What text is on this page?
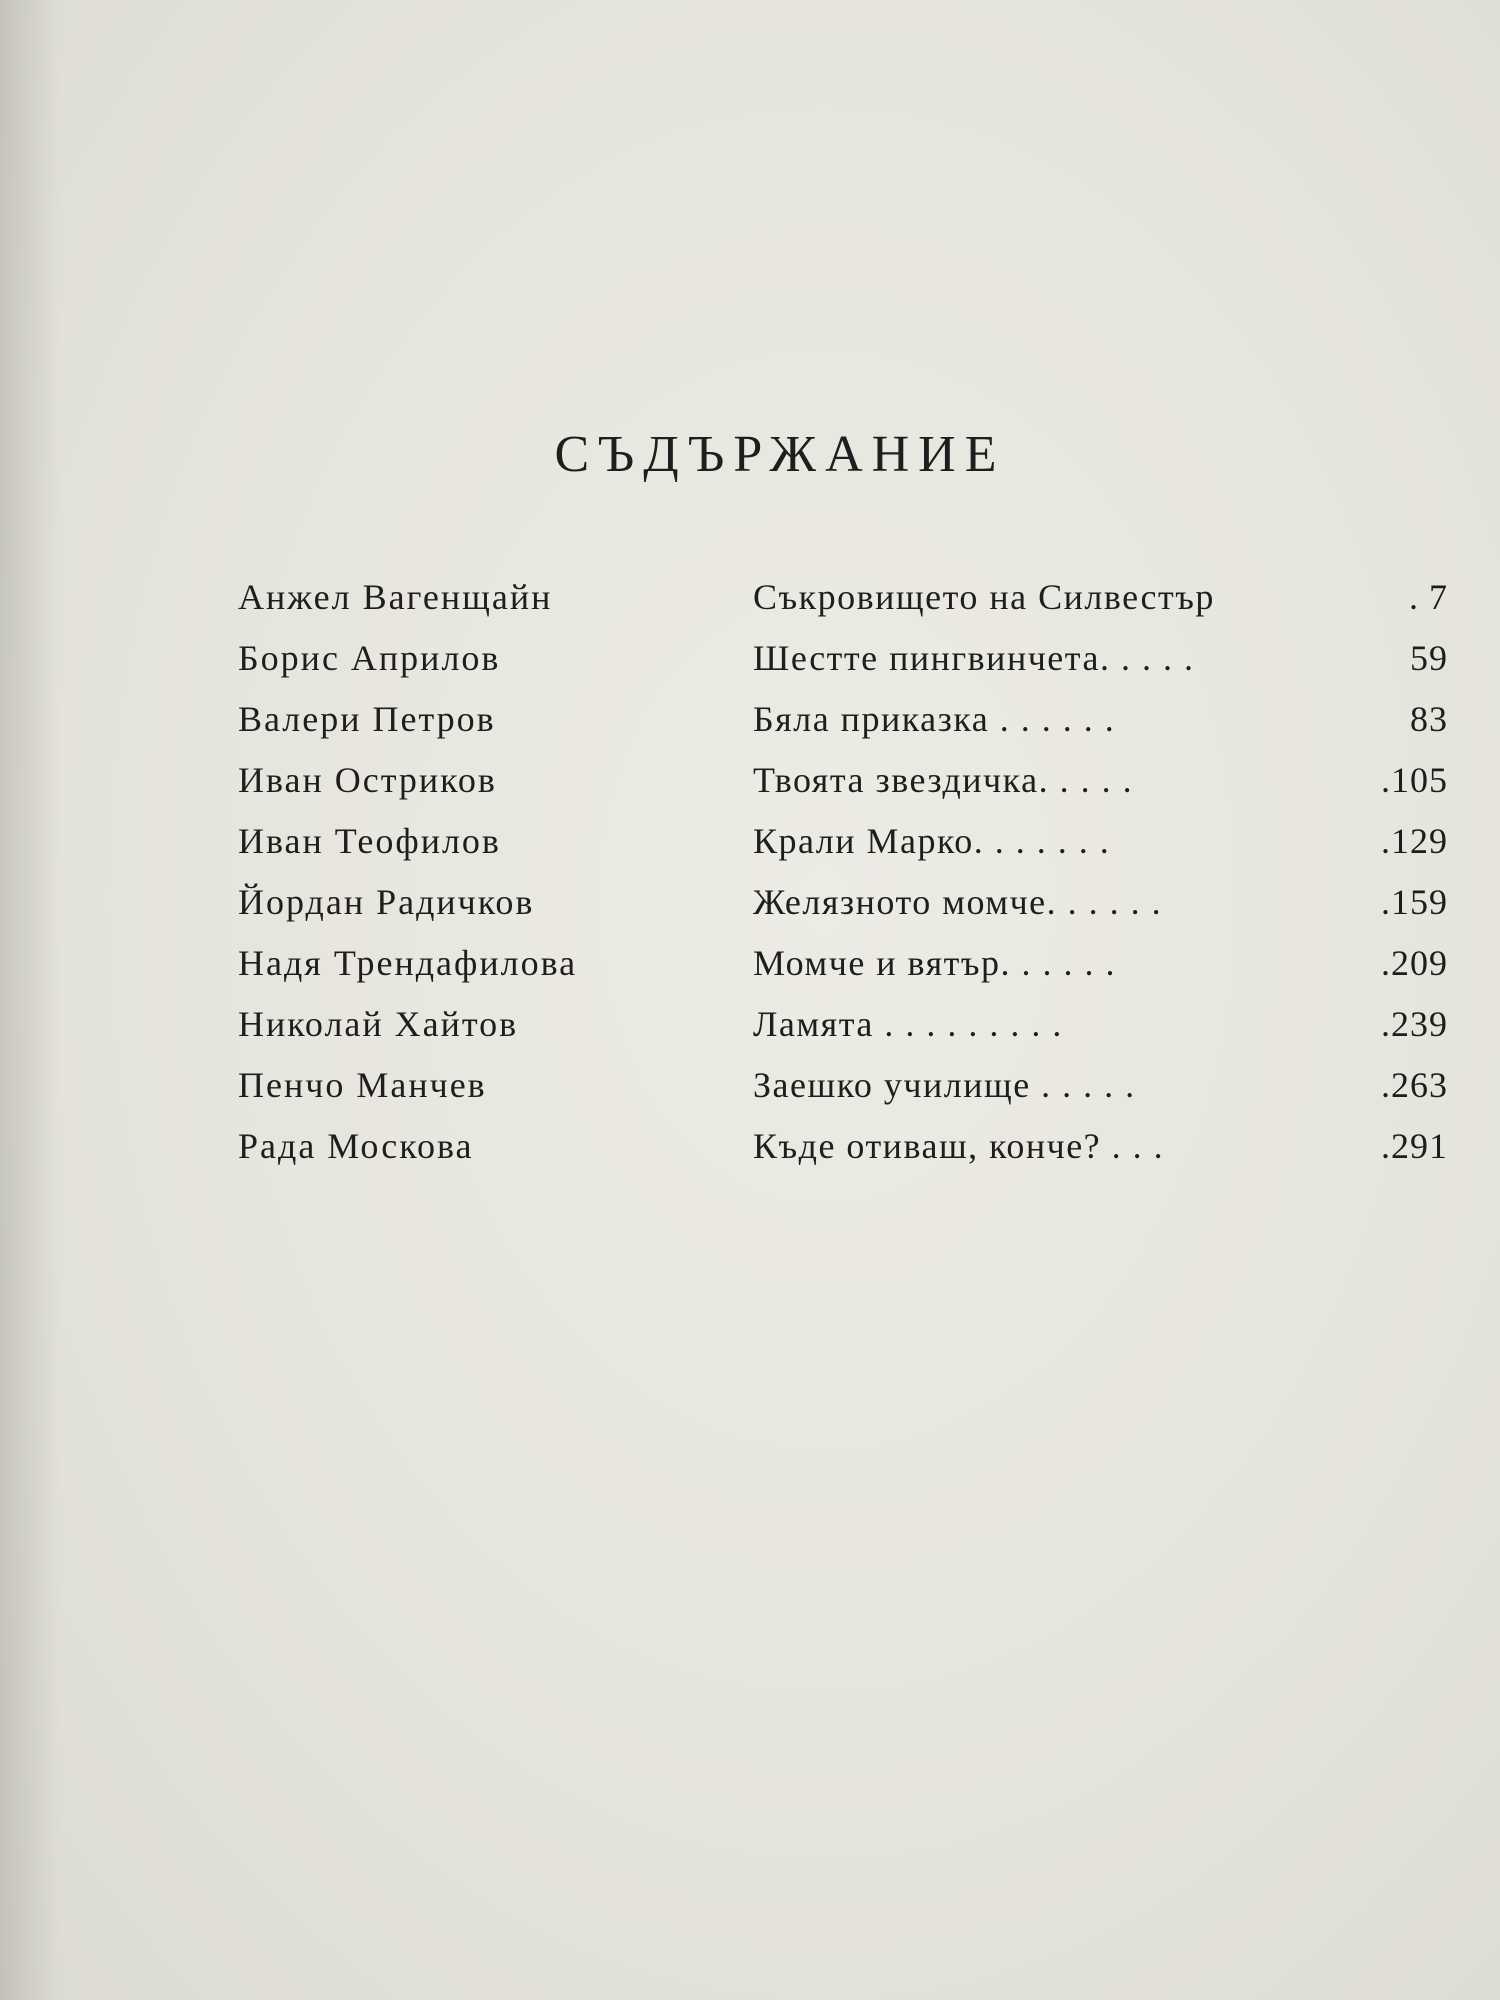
СЪДЪРЖАНИЕ
Анжел Вагенщайн	Съкровището на Силвестър	. 7
Борис Априлов	Шестте пингвинчета. . . . .	59
Валери Петров	Бяла приказка . . . . . .	83
Иван Остриков	Твоята звездичка. . . . .	.105
Иван Теофилов	Крали Марко. . . . . . .	.129
Йордан Радичков	Желязното момче. . . . . .	.159
Надя Трендафилова	Момче и вятър. . . . . .	.209
Николай Хайтов	Ламята . . . . . . . . .	.239
Пенчо Манчев	Заешко училище . . . . .	.263
Рада Москова	Къде отиваш, конче? . . .	.291
